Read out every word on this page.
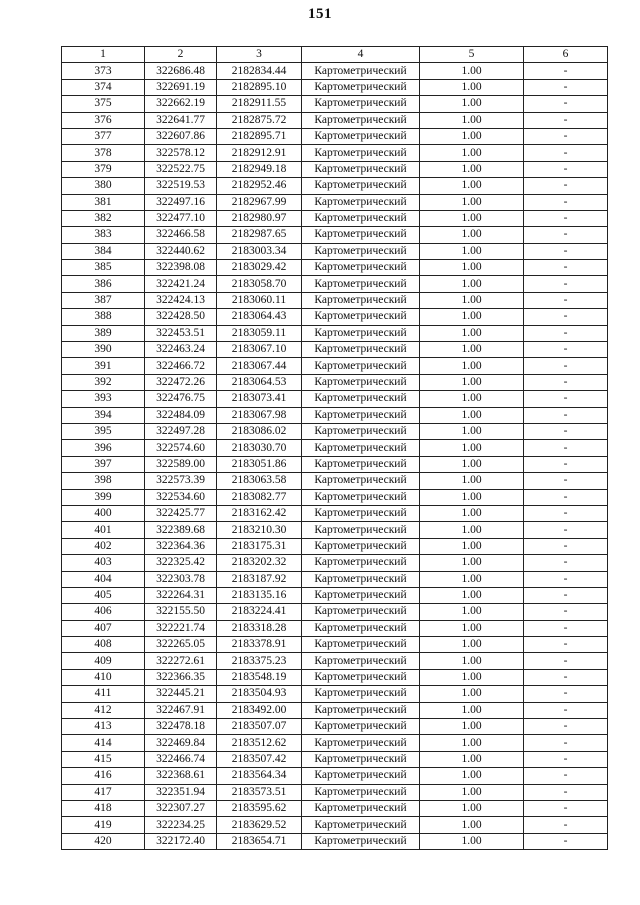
151
1	2	3	4	5	6
373	322686.48	2182834.44	Картометрический	1.00	-
374	322691.19	2182895.10	Картометрический	1.00	-
375	322662.19	2182911.55	Картометрический	1.00	-
376	322641.77	2182875.72	Картометрический	1.00	-
377	322607.86	2182895.71	Картометрический	1.00	-
378	322578.12	2182912.91	Картометрический	1.00	-
379	322522.75	2182949.18	Картометрический	1.00	-
380	322519.53	2182952.46	Картометрический	1.00	-
381	322497.16	2182967.99	Картометрический	1.00	-
382	322477.10	2182980.97	Картометрический	1.00	-
383	322466.58	2182987.65	Картометрический	1.00	-
384	322440.62	2183003.34	Картометрический	1.00	-
385	322398.08	2183029.42	Картометрический	1.00	-
386	322421.24	2183058.70	Картометрический	1.00	-
387	322424.13	2183060.11	Картометрический	1.00	-
388	322428.50	2183064.43	Картометрический	1.00	-
389	322453.51	2183059.11	Картометрический	1.00	-
390	322463.24	2183067.10	Картометрический	1.00	-
391	322466.72	2183067.44	Картометрический	1.00	-
392	322472.26	2183064.53	Картометрический	1.00	-
393	322476.75	2183073.41	Картометрический	1.00	-
394	322484.09	2183067.98	Картометрический	1.00	-
395	322497.28	2183086.02	Картометрический	1.00	-
396	322574.60	2183030.70	Картометрический	1.00	-
397	322589.00	2183051.86	Картометрический	1.00	-
398	322573.39	2183063.58	Картометрический	1.00	-
399	322534.60	2183082.77	Картометрический	1.00	-
400	322425.77	2183162.42	Картометрический	1.00	-
401	322389.68	2183210.30	Картометрический	1.00	-
402	322364.36	2183175.31	Картометрический	1.00	-
403	322325.42	2183202.32	Картометрический	1.00	-
404	322303.78	2183187.92	Картометрический	1.00	-
405	322264.31	2183135.16	Картометрический	1.00	-
406	322155.50	2183224.41	Картометрический	1.00	-
407	322221.74	2183318.28	Картометрический	1.00	-
408	322265.05	2183378.91	Картометрический	1.00	-
409	322272.61	2183375.23	Картометрический	1.00	-
410	322366.35	2183548.19	Картометрический	1.00	-
411	322445.21	2183504.93	Картометрический	1.00	-
412	322467.91	2183492.00	Картометрический	1.00	-
413	322478.18	2183507.07	Картометрический	1.00	-
414	322469.84	2183512.62	Картометрический	1.00	-
415	322466.74	2183507.42	Картометрический	1.00	-
416	322368.61	2183564.34	Картометрический	1.00	-
417	322351.94	2183573.51	Картометрический	1.00	-
418	322307.27	2183595.62	Картометрический	1.00	-
419	322234.25	2183629.52	Картометрический	1.00	-
420	322172.40	2183654.71	Картометрический	1.00	-
